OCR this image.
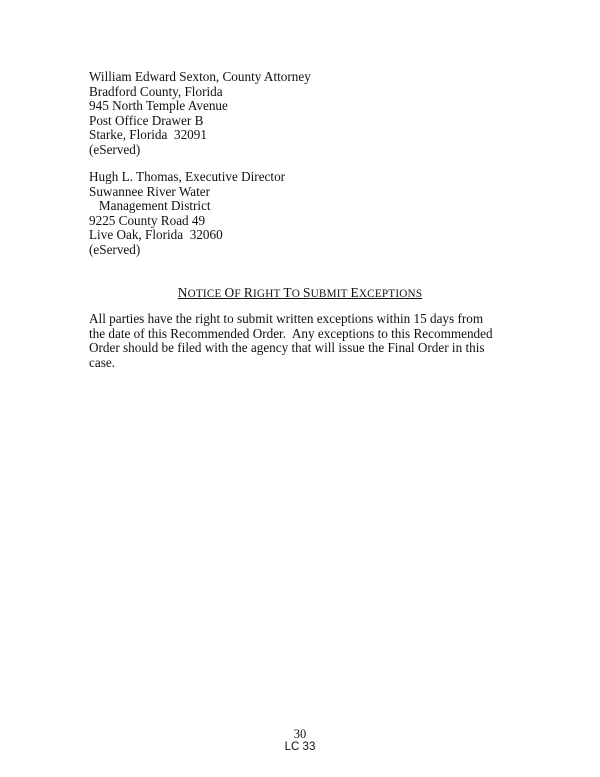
William Edward Sexton, County Attorney
Bradford County, Florida
945 North Temple Avenue
Post Office Drawer B
Starke, Florida  32091
(eServed)
Hugh L. Thomas, Executive Director
Suwannee River Water
Management District
9225 County Road 49
Live Oak, Florida  32060
(eServed)
NOTICE OF RIGHT TO SUBMIT EXCEPTIONS
All parties have the right to submit written exceptions within 15 days from
the date of this Recommended Order.  Any exceptions to this Recommended
Order should be filed with the agency that will issue the Final Order in this
case.
30
LC 33
